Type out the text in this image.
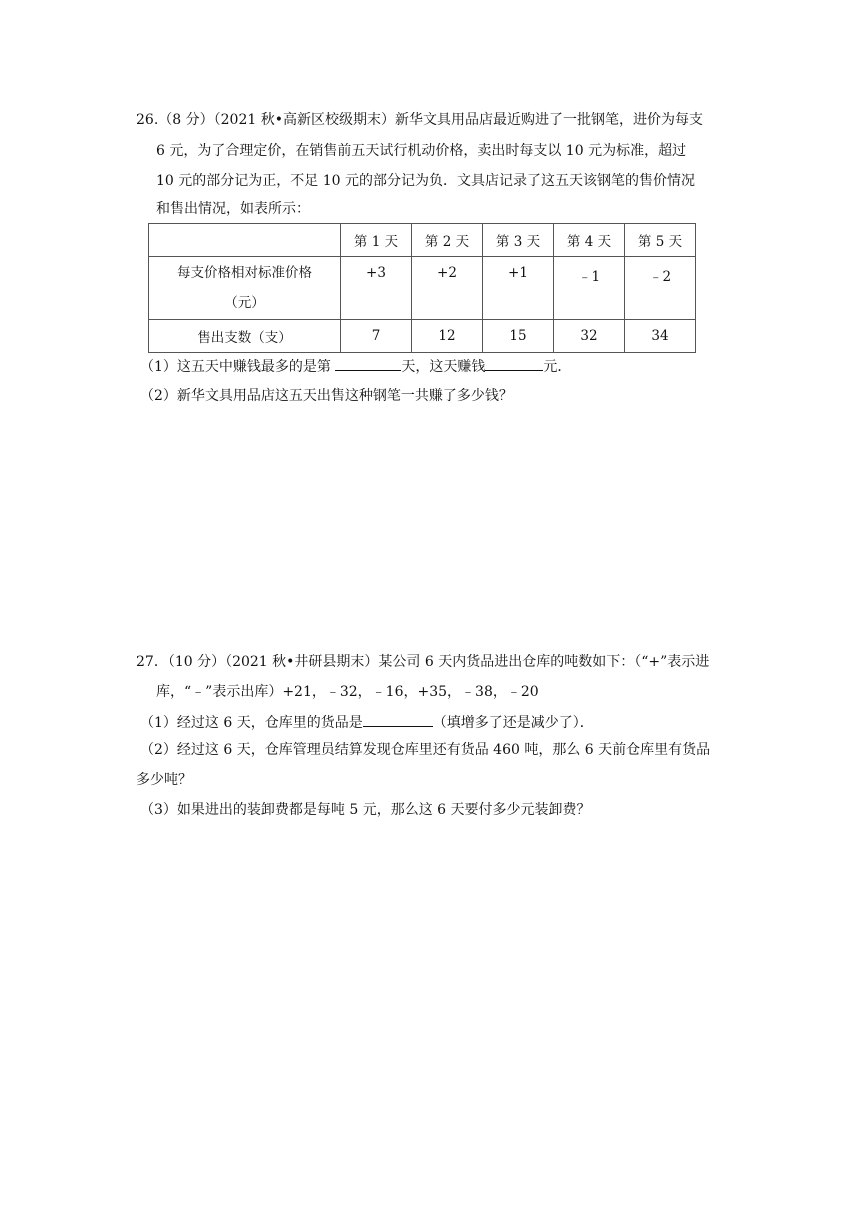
26.（8 分）（2021 秋•高新区校级期末）新华文具用品店最近购进了一批钢笔，进价为每支
6 元，为了合理定价，在销售前五天试行机动价格，卖出时每支以 10 元为标准，超过
10 元的部分记为正，不足 10 元的部分记为负．文具店记录了这五天该钢笔的售价情况
和售出情况，如表所示：
	第 1 天	第 2 天	第 3 天	第 4 天	第 5 天

每支价格相对标准价格
（元）	+3	+2	+1	﹣1	﹣2
售出支数（支）	7	12	15	32	34
（1）这五天中赚钱最多的是第	天，这天赚钱	元．
（2）新华文具用品店这五天出售这种钢笔一共赚了多少钱？
27．（10 分）（2021 秋•井研县期末）某公司 6 天内货品进出仓库的吨数如下：（“+”表示进
库，“﹣”表示出库）+21，﹣32，﹣16，+35，﹣38，﹣20
（1）经过这 6 天，仓库里的货品是	（填增多了还是减少了）．
（2）经过这 6 天，仓库管理员结算发现仓库里还有货品 460 吨，那么 6 天前仓库里有货品
多少吨？
（3）如果进出的装卸费都是每吨 5 元，那么这 6 天要付多少元装卸费？
